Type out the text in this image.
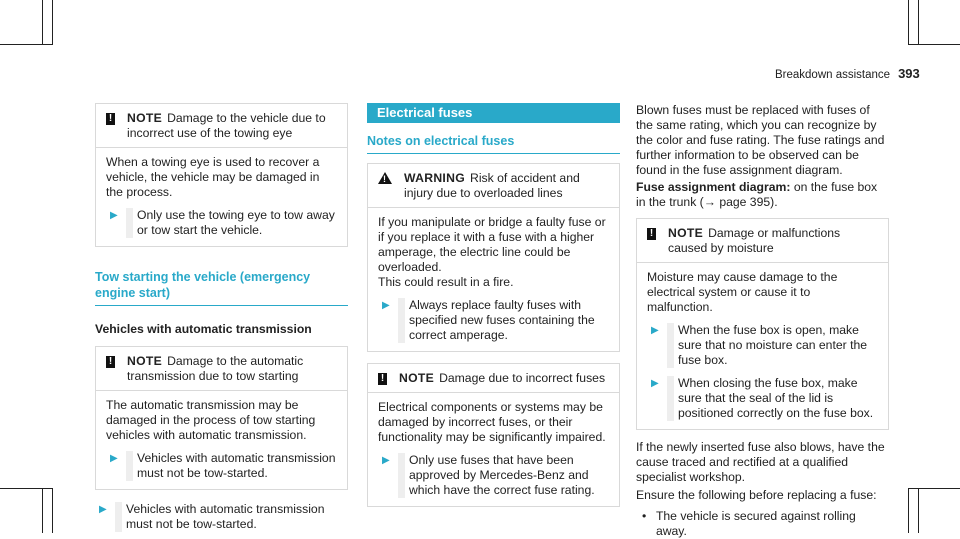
Breakdown assistance 393
! NOTE Damage to the vehicle due to incorrect use of the towing eye

When a towing eye is used to recover a vehicle, the vehicle may be damaged in the process.

▶	Only use the towing eye to tow away or tow start the vehicle.
Tow starting the vehicle (emergency engine start)
Vehicles with automatic transmission
! NOTE Damage to the automatic transmission due to tow starting

The automatic transmission may be damaged in the process of tow starting vehicles with automatic transmission.

▶	Vehicles with automatic transmission must not be tow-started.
▶	Vehicles with automatic transmission must not be tow-started.
Electrical fuses
Notes on electrical fuses
! WARNING Risk of accident and injury due to overloaded lines

If you manipulate or bridge a faulty fuse or if you replace it with a fuse with a higher amperage, the electric line could be overloaded.

This could result in a fire.

▶	Always replace faulty fuses with specified new fuses containing the correct amperage.
! NOTE Damage due to incorrect fuses

Electrical components or systems may be damaged by incorrect fuses, or their functionality may be significantly impaired.

▶	Only use fuses that have been approved by Mercedes-Benz and which have the correct fuse rating.

Blown fuses must be replaced with fuses of the same rating, which you can recognize by the color and fuse rating. The fuse ratings and further information to be observed can be found in the fuse assignment diagram.

Fuse assignment diagram: on the fuse box in the trunk (→ page 395).

! NOTE Damage or malfunctions caused by moisture

Moisture may cause damage to the electrical system or cause it to malfunction.

▶	When the fuse box is open, make sure that no moisture can enter the fuse box.
▶	When closing the fuse box, make sure that the seal of the lid is positioned correctly on the fuse box.

If the newly inserted fuse also blows, have the cause traced and rectified at a qualified specialist workshop.

Ensure the following before replacing a fuse:

• The vehicle is secured against rolling away.
